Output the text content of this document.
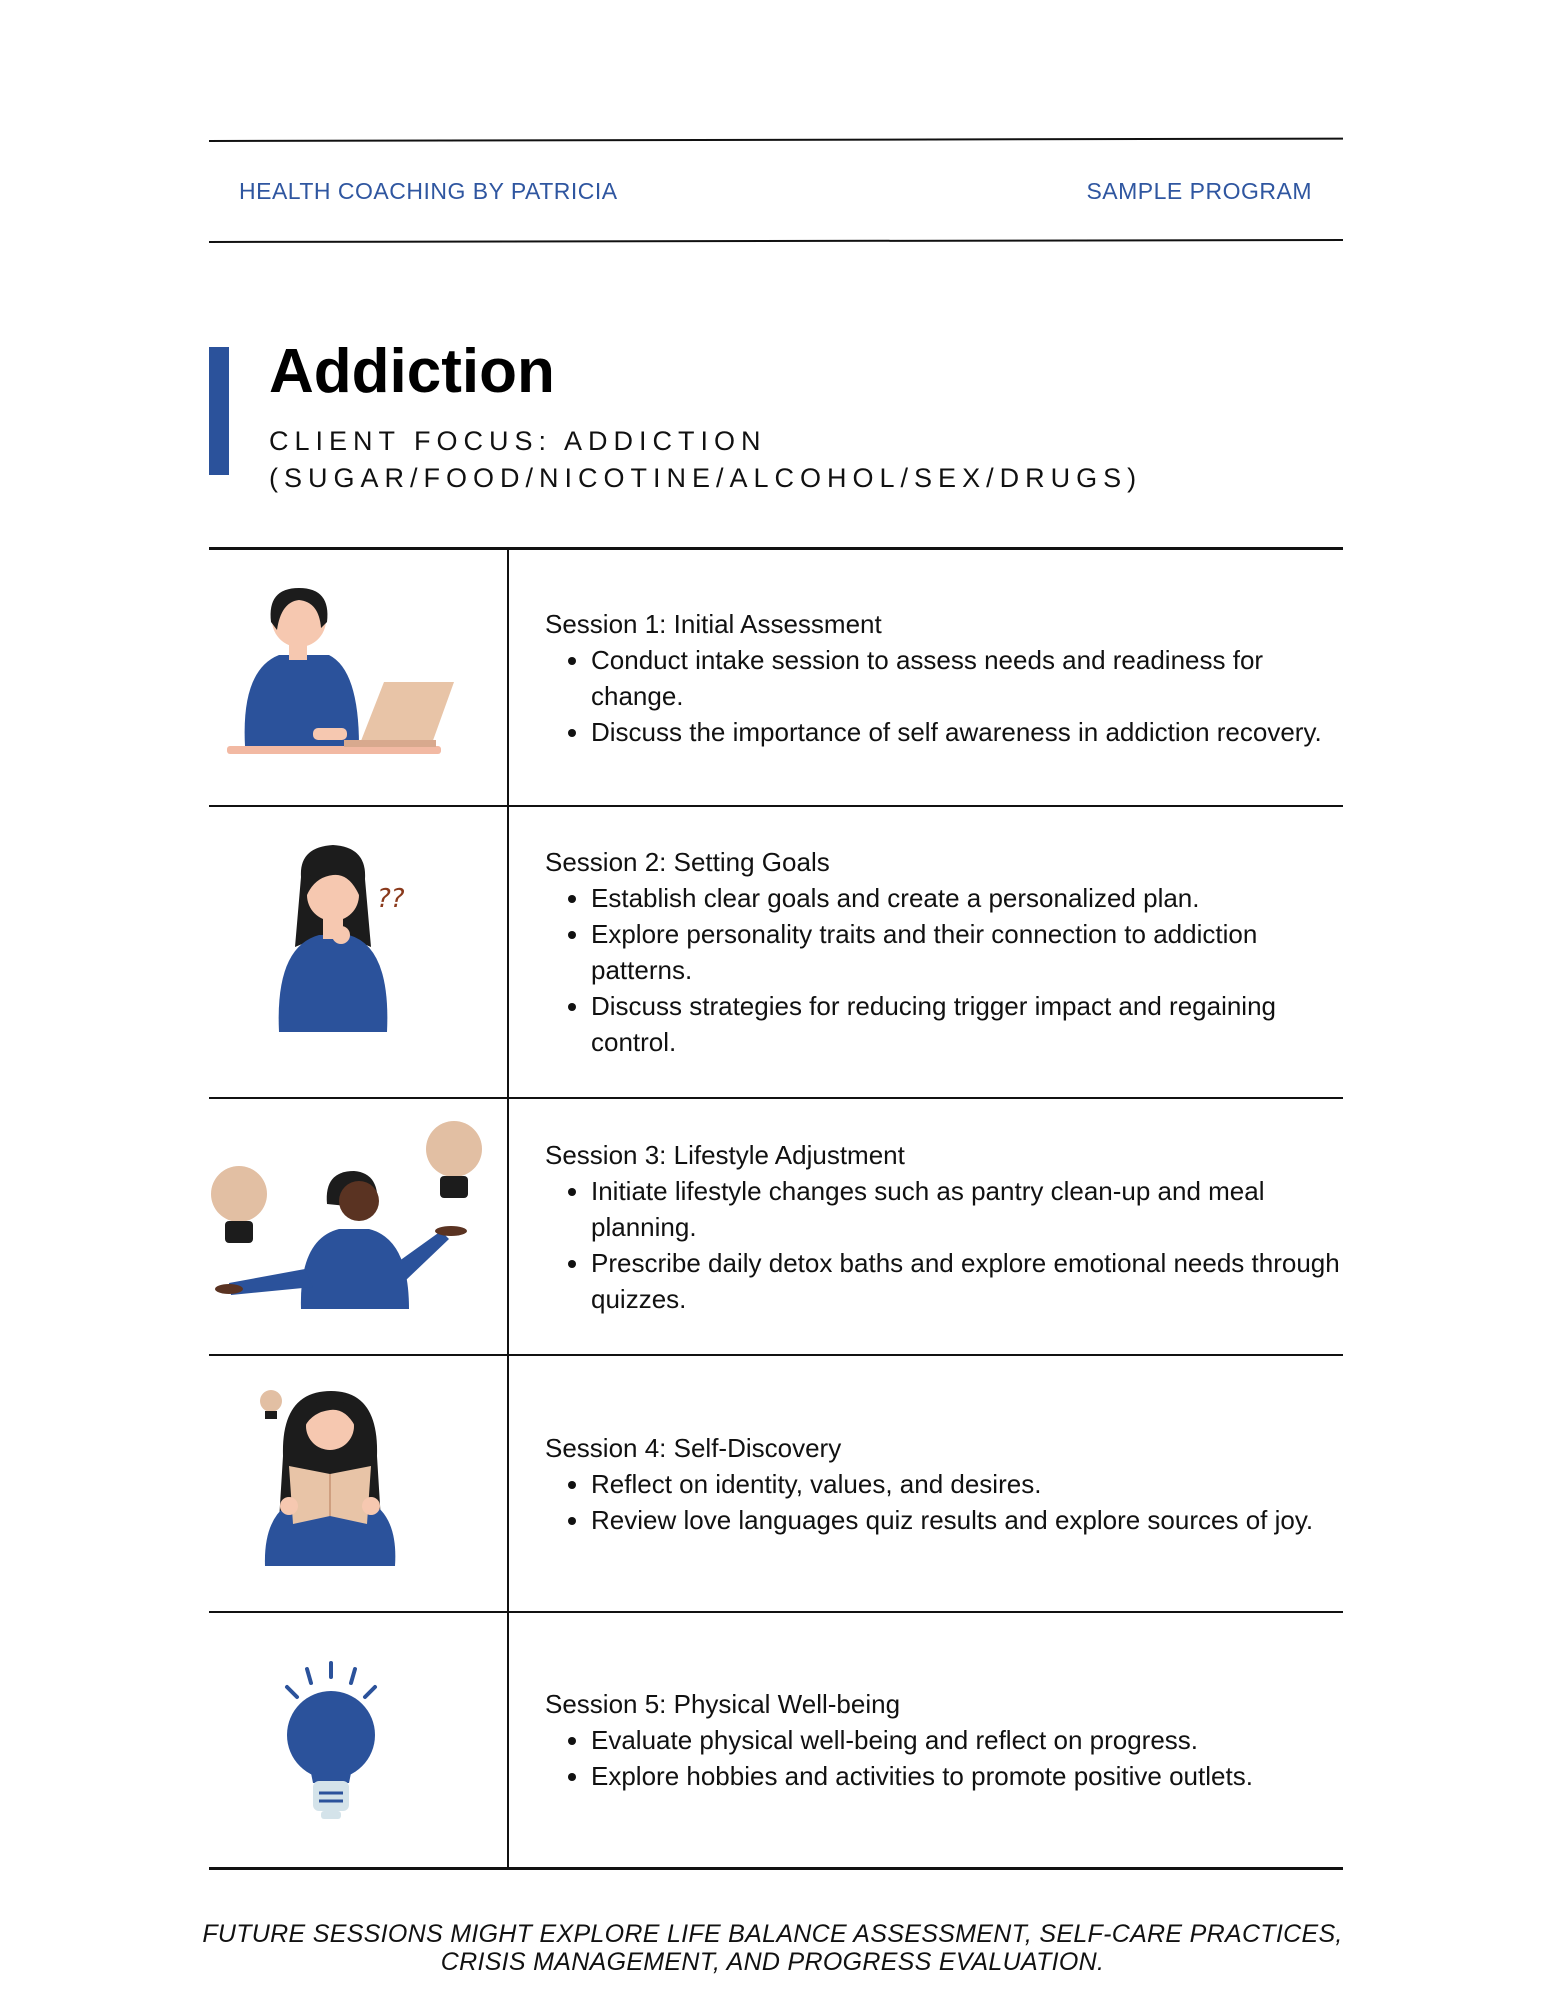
HEALTH COACHING BY PATRICIA	SAMPLE PROGRAM
Addiction
CLIENT FOCUS: ADDICTION
(SUGAR/FOOD/NICOTINE/ALCOHOL/SEX/DRUGS)
Session 1: Initial Assessment
• Conduct intake session to assess needs and readiness for change.
• Discuss the importance of self awareness in addiction recovery.
??
Session 2: Setting Goals
• Establish clear goals and create a personalized plan.
• Explore personality traits and their connection to addiction patterns.
• Discuss strategies for reducing trigger impact and regaining control.
Session 3: Lifestyle Adjustment
• Initiate lifestyle changes such as pantry clean-up and meal planning.
• Prescribe daily detox baths and explore emotional needs through quizzes.
Session 4: Self-Discovery
• Reflect on identity, values, and desires.
• Review love languages quiz results and explore sources of joy.
Session 5: Physical Well-being
• Evaluate physical well-being and reflect on progress.
• Explore hobbies and activities to promote positive outlets.
FUTURE SESSIONS MIGHT EXPLORE LIFE BALANCE ASSESSMENT, SELF-CARE PRACTICES,
CRISIS MANAGEMENT, AND PROGRESS EVALUATION.
